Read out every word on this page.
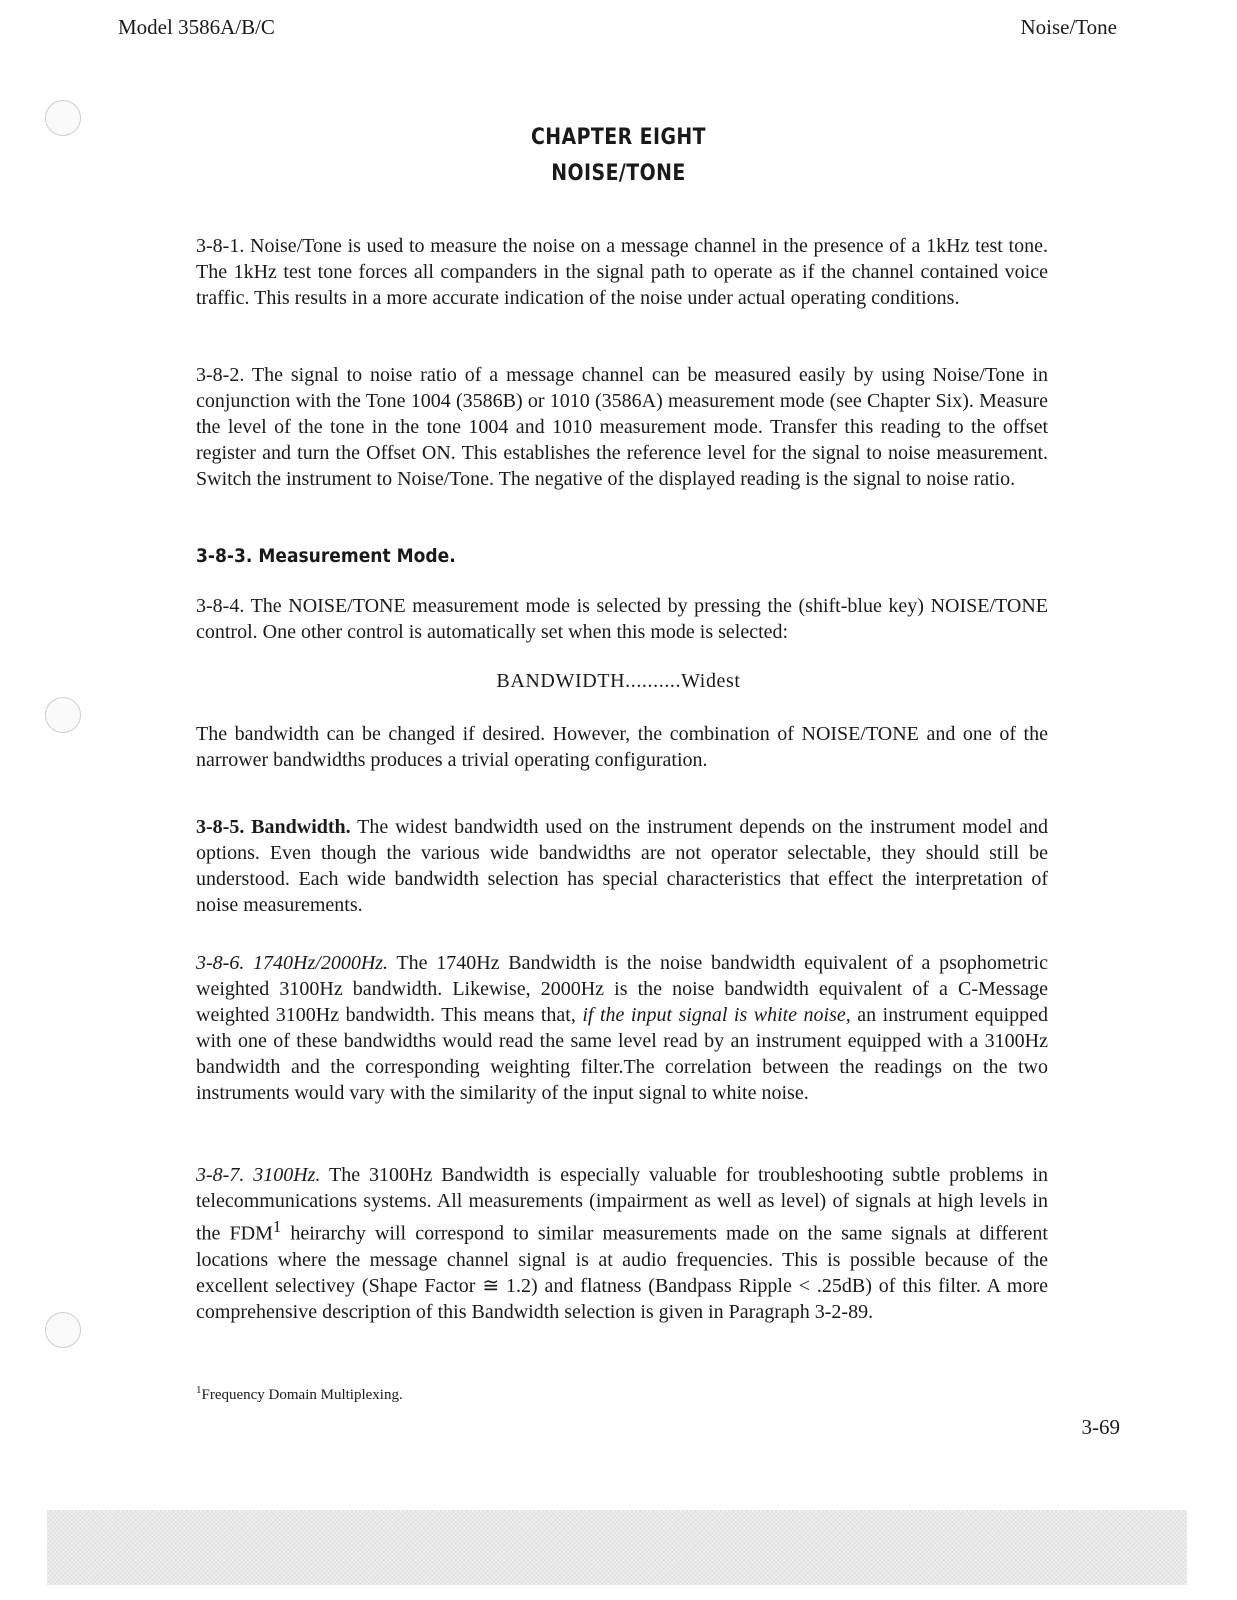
Model 3586A/B/C	Noise/Tone
CHAPTER EIGHT
NOISE/TONE

3-8-1. Noise/Tone is used to measure the noise on a message channel in the presence of a 1kHz test tone. The 1kHz test tone forces all companders in the signal path to operate as if the channel contained voice traffic. This results in a more accurate indication of the noise under actual operating conditions.

3-8-2. The signal to noise ratio of a message channel can be measured easily by using Noise/Tone in conjunction with the Tone 1004 (3586B) or 1010 (3586A) measurement mode (see Chapter Six). Measure the level of the tone in the tone 1004 and 1010 measurement mode. Transfer this reading to the offset register and turn the Offset ON. This establishes the reference level for the signal to noise measurement. Switch the instrument to Noise/Tone. The negative of the displayed reading is the signal to noise ratio.

3-8-3. Measurement Mode.

3-8-4. The NOISE/TONE measurement mode is selected by pressing the (shift-blue key) NOISE/TONE control. One other control is automatically set when this mode is selected:

BANDWIDTH..........Widest

The bandwidth can be changed if desired. However, the combination of NOISE/TONE and one of the narrower bandwidths produces a trivial operating configuration.

3-8-5. Bandwidth. The widest bandwidth used on the instrument depends on the instrument model and options. Even though the various wide bandwidths are not operator selectable, they should still be understood. Each wide bandwidth selection has special characteristics that effect the interpretation of noise measurements.

3-8-6. 1740Hz/2000Hz. The 1740Hz Bandwidth is the noise bandwidth equivalent of a psophometric weighted 3100Hz bandwidth. Likewise, 2000Hz is the noise bandwidth equivalent of a C-Message weighted 3100Hz bandwidth. This means that, if the input signal is white noise, an instrument equipped with one of these bandwidths would read the same level read by an instrument equipped with a 3100Hz bandwidth and the corresponding weighting filter.The correlation between the readings on the two instruments would vary with the similarity of the input signal to white noise.

3-8-7. 3100Hz. The 3100Hz Bandwidth is especially valuable for troubleshooting subtle problems in telecommunications systems. All measurements (impairment as well as level) of signals at high levels in the FDM$^1$ heirarchy will correspond to similar measurements made on the same signals at different locations where the message channel signal is at audio frequencies. This is possible because of the excellent selectivey (Shape Factor ≅ 1.2) and flatness (Bandpass Ripple < .25dB) of this filter. A more comprehensive description of this Bandwidth selection is given in Paragraph 3-2-89.

$^1$Frequency Domain Multiplexing.
3-69
